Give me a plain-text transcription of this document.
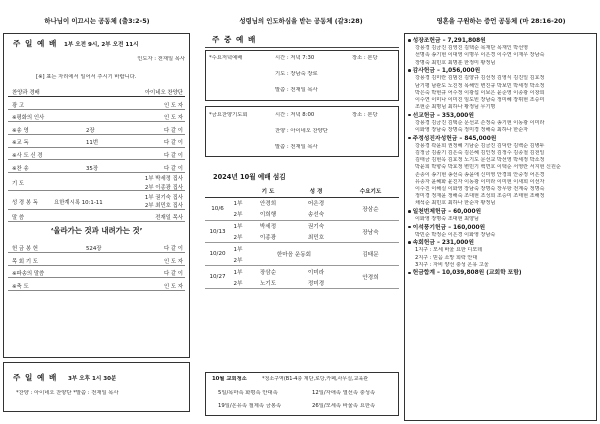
하나님이 이끄시는 공동체 (출3:2-5)
주 일 예 배 1부 오전 9시, 2부 오전 11시
인도자 : 전재일 목사
[※] 표는 자리에서 일어서 주시기 바랍니다.
찬양과 경배	아이네오 찬양단
광 고	인 도 자
※평화의 인사	인 도 자
※송 영	2장	다 같 이
※교 독	11번	다 같 이
※사 도 신 경	다 같 이
※찬 송	35장	다 같 이
기 도
1부 박세정 집사
2부 이종광 집사
성 경 봉 독	요한계시록 10:1-11
1부 권기숙 집사
2부 최민호 집사
말 씀	전재일 목사
‘울라가는 것과 내려가는 것’
헌 금 봉 헌	524장	다 같 이
목 회 기 도	인 도 자
※파송의 말씀	다 같 이
※축 도	인 도 자
주 일 예 배 3부 오후 1시 30분
*찬양 : 아이네오 찬양단 *말씀 : 전재일 목사
성령님의 인도하심을 받는 공동체 (갈3:28)
주 중 예 배
*수요저녁예배	시간 : 저녁 7:30	장소 : 본당
기도 : 장남숙 장로
말씀 : 전재일 목사
*금요찬양기도회	시간 : 저녁 8:00	장소 : 본당
찬양 : 아이네오 찬양단
말씀 : 전재일 목사
2024년 10월 예배 섬김
		기 도	성 경	수요기도
10/6	1부	안경희	어은경	장삼순
	2부	이희행	송선숙	
10/13	1부	박세정	권기숙	장남숙
	2부	이종광	최민호	
10/20	1부	한마음 운동회		김태문
	2부			
10/27	1부	장삼순	이미라	안경희
	2부	노기도	정미경	
10월 교회청소	*청소구역(B1-4층 계단,로당,카페,사무실,교육관
5일/목마속 화평속 안대속	12일/자애속 열선속 충성속
19일/온유속 절제속 금봉속	26일/모세속 바울속 요한속
영혼을 구원하는 증언 공동체 (마 28:16-20)
성장조헌금 – 7,291,808원
강용경 김금진 김영진 김택순 목재단 목재인 박선영
선명속 송기현 이대영 이명우 이은경 이수연 이재우 장남숙
장명숙 최민호 최명훈 한정미 황정님
감사헌금 – 1,056,000원
강용경 김미란 김범진 김양규 김선정 김영식 김진일 김효정
남기평 남관도 노진정 목해인 변진규 박보민 박세정 박소정
박은숙 박현규 어수정 이광섭 이보은 윤준영 이종광 이창희
이수연 이미나 이미진 임도빈 장남숙 정미혜 장휘현 조승미
조현준 최명님 최하나 황정님 무기명
선교헌금 – 353,000원
강용경 김금진 김택순 문선교 손정숙 송기현 이동광 이미라
이화영 장남숙 장명숙 정미경 정해숙 최하나 한순자
주정성진자성헌금 – 845,000원
강용경 곽윤희 권정혜 기남순 김금진 김덕란 김백순 김병두
김정금 김솔기 김은숙 김은혜 김인정 김정수 김종철 김천일
김태금 김현옥 김효정 노기도 문선교 박선영 박세정 박소정
박윤희 박향숙 박효정 변민기 백면호 이택순 서영란 서지현 신원순
손종이 송기현 송선숙 송윤애 신미영 안경희 안중정 어은경
유종자 윤혜화 윤진자 이동광 이미라 이미현 이새희 이선자
이수진 이해실 이화영 장남숙 장명숙 장무항 전계숙 정명숙
정미경 정재윤 정해숙 조대현 조성희 조승미 조태현 조해정
채석순 최민호 최하나 한순자 황정님
일천번제헌금 – 60,000원
이화영 장명숙 조대현 최양님
이석풍기헌금 – 160,000원
박민순 박정순 이은경 이화영 장남숙
속회헌금 – 231,000원
1지구 : 모세 바울 요한 디모데
2지구 : 믿음 소망 희락 안대
3지구 : 자비 양선 충성 온유 고울
헌금합계 – 10,039,808원 (교회학 포함)
